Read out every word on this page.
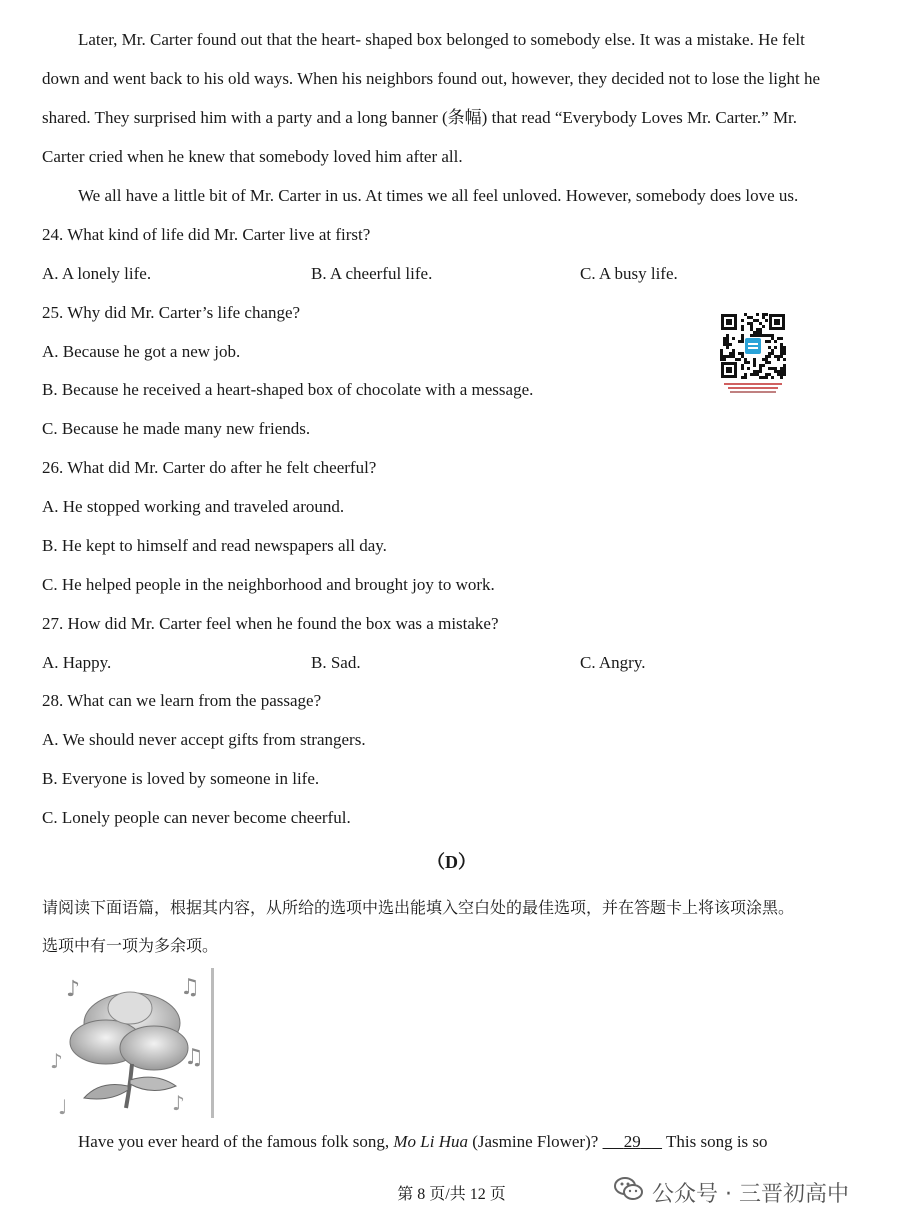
Later, Mr. Carter found out that the heart- shaped box belonged to somebody else. It was a mistake. He felt
down and went back to his old ways. When his neighbors found out, however, they decided not to lose the light he
shared. They surprised him with a party and a long banner (条幅) that read “Everybody Loves Mr. Carter.” Mr.
Carter cried when he knew that somebody loved him after all.
We all have a little bit of Mr. Carter in us. At times we all feel unloved. However, somebody does love us.
24. What kind of life did Mr. Carter live at first?
A. A lonely life.	B. A cheerful life.	C. A busy life.
25. Why did Mr. Carter’s life change?
A. Because he got a new job.
B. Because he received a heart-shaped box of chocolate with a message.
C. Because he made many new friends.
26. What did Mr. Carter do after he felt cheerful?
A. He stopped working and traveled around.
B. He kept to himself and read newspapers all day.
C. He helped people in the neighborhood and brought joy to work.
27. How did Mr. Carter feel when he found the box was a mistake?
A. Happy.	B. Sad.	C. Angry.
28. What can we learn from the passage?
A. We should never accept gifts from strangers.
B. Everyone is loved by someone in life.
C. Lonely people can never become cheerful.
（D）
请阅读下面语篇，根据其内容，从所给的选项中选出能填入空白处的最佳选项，并在答题卡上将该项涂黑。
选项中有一项为多余项。
♪	♫
♪	♫
♩	♪
Have you ever heard of the famous folk song, Mo Li Hua (Jasmine Flower)?      29      This song is so
第 8 页/共 12 页	公众号 · 三晋初高中
